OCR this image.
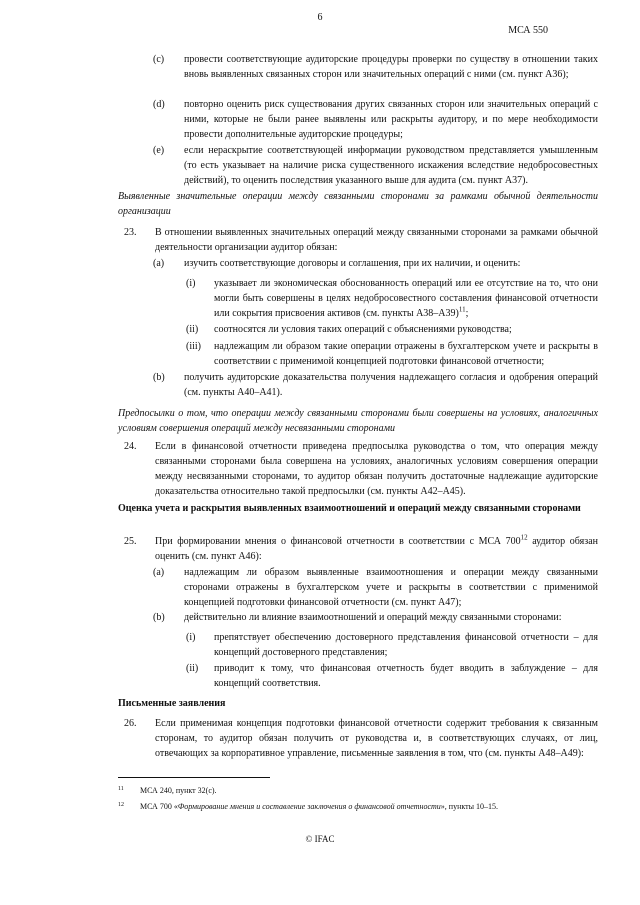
6
МСА 550
(c) провести соответствующие аудиторские процедуры проверки по существу в отношении таких вновь выявленных связанных сторон или значительных операций с ними (см. пункт А36);
(d) повторно оценить риск существования других связанных сторон или значительных операций с ними, которые не были ранее выявлены или раскрыты аудитору, и по мере необходимости провести дополнительные аудиторские процедуры;
(e) если нераскрытие соответствующей информации руководством представляется умышленным (то есть указывает на наличие риска существенного искажения вследствие недобросовестных действий), то оценить последствия указанного выше для аудита (см. пункт А37).
Выявленные значительные операции между связанными сторонами за рамками обычной деятельности организации
23. В отношении выявленных значительных операций между связанными сторонами за рамками обычной деятельности организации аудитор обязан:
(a) изучить соответствующие договоры и соглашения, при их наличии, и оценить:
(i) указывает ли экономическая обоснованность операций или ее отсутствие на то, что они могли быть совершены в целях недобросовестного составления финансовой отчетности или сокрытия присвоения активов (см. пункты А38–А39)$^{11}$;
(ii) соотносятся ли условия таких операций с объяснениями руководства;
(iii) надлежащим ли образом такие операции отражены в бухгалтерском учете и раскрыты в соответствии с применимой концепцией подготовки финансовой отчетности;
(b) получить аудиторские доказательства получения надлежащего согласия и одобрения операций (см. пункты А40–А41).
Предпосылки о том, что операции между связанными сторонами были совершены на условиях, аналогичных условиям совершения операций между несвязанными сторонами
24. Если в финансовой отчетности приведена предпосылка руководства о том, что операция между связанными сторонами была совершена на условиях, аналогичных условиям совершения операции между несвязанными сторонами, то аудитор обязан получить достаточные надлежащие аудиторские доказательства относительно такой предпосылки (см. пункты А42–А45).
Оценка учета и раскрытия выявленных взаимоотношений и операций между связанными сторонами
25. При формировании мнения о финансовой отчетности в соответствии с МСА $700^{12}$ аудитор обязан оценить (см. пункт А46):
(a) надлежащим ли образом выявленные взаимоотношения и операции между связанными сторонами отражены в бухгалтерском учете и раскрыты в соответствии с применимой концепцией подготовки финансовой отчетности (см. пункт А47);
(b) действительно ли влияние взаимоотношений и операций между связанными сторонами:
(i) препятствует обеспечению достоверного представления финансовой отчетности – для концепций достоверного представления;
(ii) приводит к тому, что финансовая отчетность будет вводить в заблуждение – для концепций соответствия.
Письменные заявления
26. Если применимая концепция подготовки финансовой отчетности содержит требования к связанным сторонам, то аудитор обязан получить от руководства и, в соответствующих случаях, от лиц, отвечающих за корпоративное управление, письменные заявления в том, что (см. пункты А48–А49):
11 МСА 240, пункт 32(c).
12 МСА 700 «Формирование мнения и составление заключения о финансовой отчетности», пункты 10–15.
© IFAC
